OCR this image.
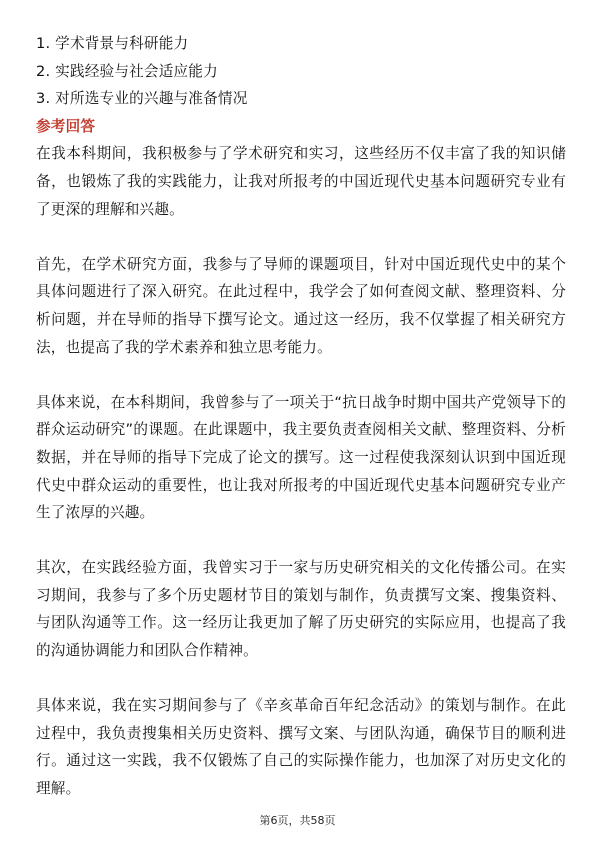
1. 学术背景与科研能力
2. 实践经验与社会适应能力
3. 对所选专业的兴趣与准备情况
参考回答

在我本科期间，我积极参与了学术研究和实习，这些经历不仅丰富了我的知识储备，也锻炼了我的实践能力，让我对所报考的中国近现代史基本问题研究专业有了更深的理解和兴趣。

首先，在学术研究方面，我参与了导师的课题项目，针对中国近现代史中的某个具体问题进行了深入研究。在此过程中，我学会了如何查阅文献、整理资料、分析问题，并在导师的指导下撰写论文。通过这一经历，我不仅掌握了相关研究方法，也提高了我的学术素养和独立思考能力。

具体来说，在本科期间，我曾参与了一项关于“抗日战争时期中国共产党领导下的群众运动研究”的课题。在此课题中，我主要负责查阅相关文献、整理资料、分析数据，并在导师的指导下完成了论文的撰写。这一过程使我深刻认识到中国近现代史中群众运动的重要性，也让我对所报考的中国近现代史基本问题研究专业产生了浓厚的兴趣。

其次，在实践经验方面，我曾实习于一家与历史研究相关的文化传播公司。在实习期间，我参与了多个历史题材节目的策划与制作，负责撰写文案、搜集资料、与团队沟通等工作。这一经历让我更加了解了历史研究的实际应用，也提高了我的沟通协调能力和团队合作精神。

具体来说，我在实习期间参与了《辛亥革命百年纪念活动》的策划与制作。在此过程中，我负责搜集相关历史资料、撰写文案、与团队沟通，确保节目的顺利进行。通过这一实践，我不仅锻炼了自己的实际操作能力，也加深了对历史文化的理解。

第6页，共58页
